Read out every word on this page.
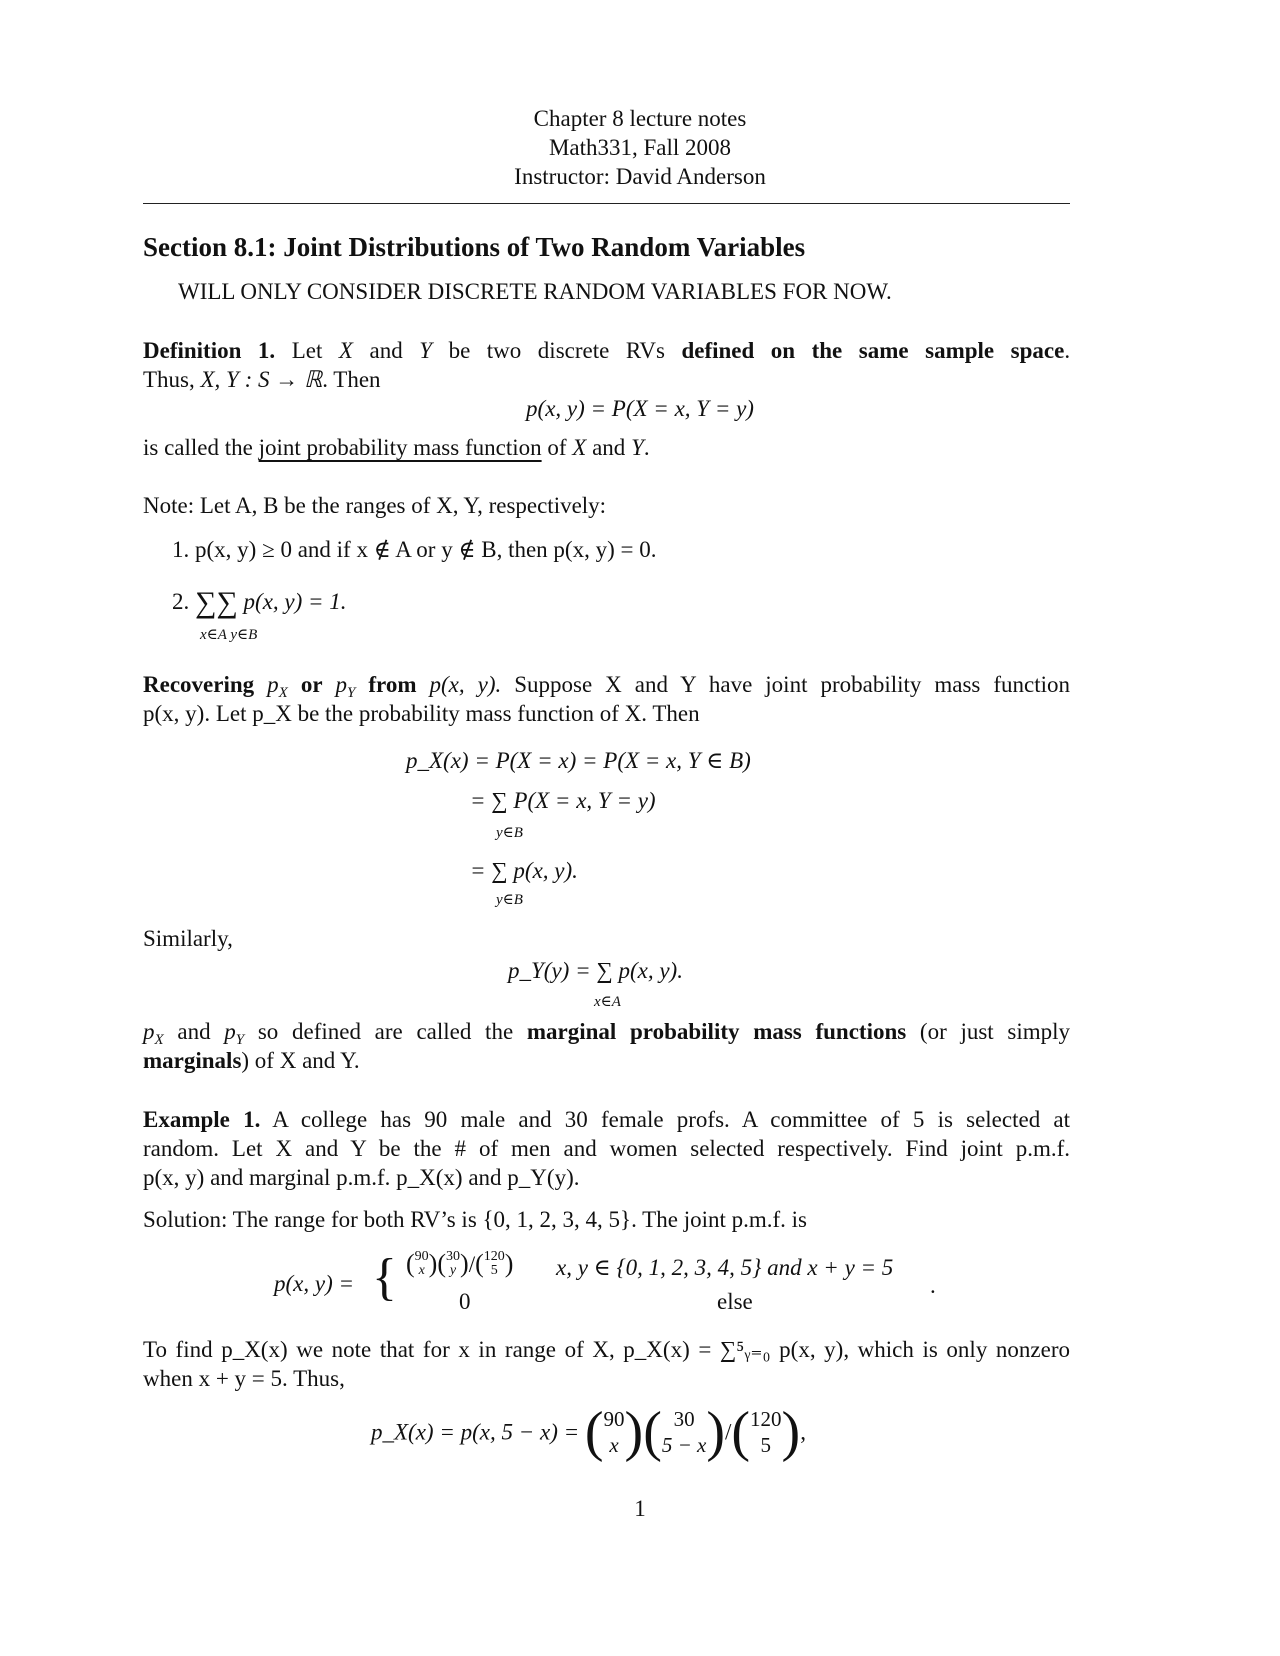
Chapter 8 lecture notes
Math331, Fall 2008
Instructor: David Anderson
Section 8.1: Joint Distributions of Two Random Variables
WILL ONLY CONSIDER DISCRETE RANDOM VARIABLES FOR NOW.
Definition 1. Let X and Y be two discrete RVs defined on the same sample space.
Thus, X, Y : S → ℝ. Then
p(x, y) = P(X = x, Y = y)
is called the joint probability mass function of X and Y.
Note: Let A, B be the ranges of X, Y, respectively:
1. p(x, y) ≥ 0 and if x ∉ A or y ∉ B, then p(x, y) = 0.
2. ∑∑ p(x, y) = 1.
x∈A y∈B
Recovering $p_X$ or $p_Y$ from p(x, y). Suppose X and Y have joint probability mass function
p(x, y). Let p_X be the probability mass function of X. Then
p_X(x) = P(X = x) = P(X = x, Y ∈ B)
= ∑ P(X = x, Y = y)
y∈B
= ∑ p(x, y).
y∈B
Similarly,
p_Y(y) = ∑ p(x, y).
x∈A
$p_X$ and $p_Y$ so defined are called the marginal probability mass functions (or just simply
marginals) of X and Y.
Example 1. A college has 90 male and 30 female profs. A committee of 5 is selected at
random. Let X and Y be the # of men and women selected respectively. Find joint p.m.f.
p(x, y) and marginal p.m.f. p_X(x) and p_Y(y).
Solution: The range for both RV’s is {0, 1, 2, 3, 4, 5}. The joint p.m.f. is
p(x, y) = { ( 90
x ) ( 30
y ) / ( 120
5 ) x, y ∈ {0, 1, 2, 3, 4, 5} and x + y = 5
0	else
.
To find p_X(x) we note that for x in range of X, p_X(x) = ∑⁵ᵧ₌₀ p(x, y), which is only nonzero
when x + y = 5. Thus,
p_X(x) = p(x, 5 − x) = (90
x )( 30
5 − x)/(120
5 ),
1
